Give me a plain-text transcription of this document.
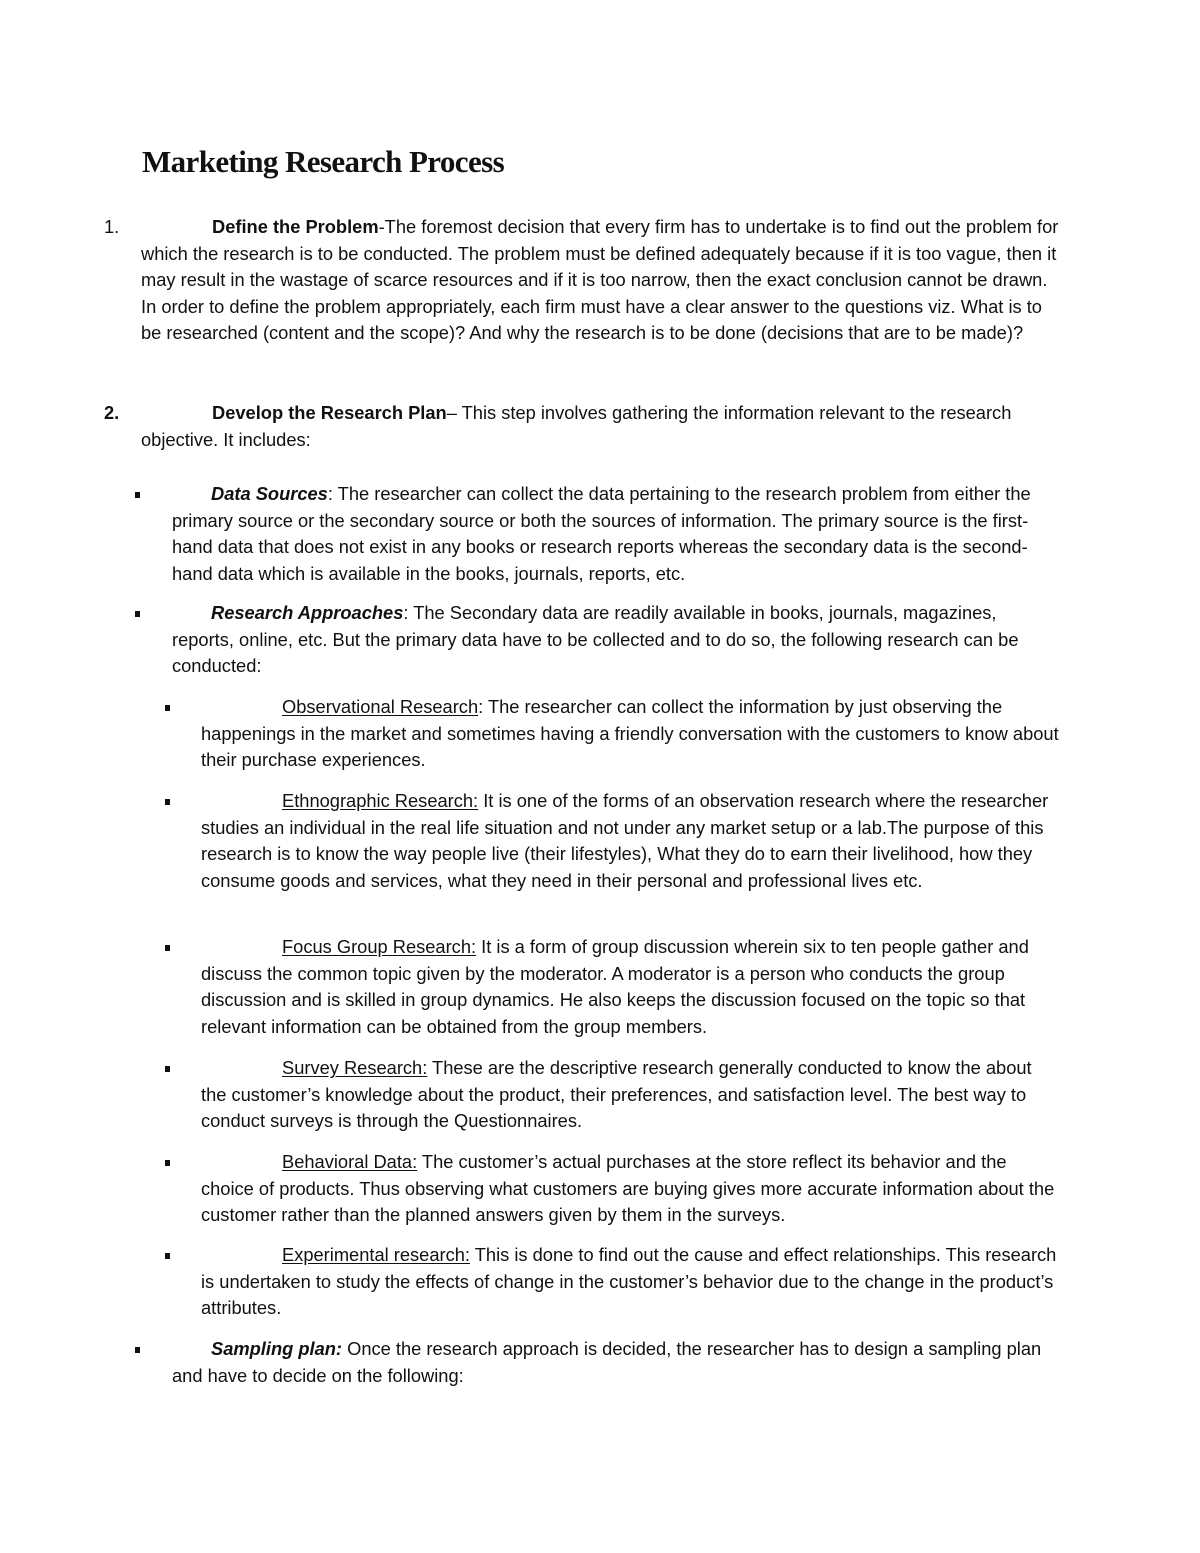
Marketing Research Process
1.	Define the Problem-The foremost decision that every firm has to undertake is to find out the problem for which the research is to be conducted. The problem must be defined adequately because if it is too vague, then it may result in the wastage of scarce resources and if it is too narrow, then the exact conclusion cannot be drawn. In order to define the problem appropriately, each firm must have a clear answer to the questions viz. What is to be researched (content and the scope)? And why the research is to be done (decisions that are to be made)?

2.	Develop the Research Plan– This step involves gathering the information relevant to the research objective. It includes:

Data Sources: The researcher can collect the data pertaining to the research problem from either the primary source or the secondary source or both the sources of information. The primary source is the first-hand data that does not exist in any books or research reports whereas the secondary data is the second-hand data which is available in the books, journals, reports, etc.

Research Approaches: The Secondary data are readily available in books, journals, magazines, reports, online, etc. But the primary data have to be collected and to do so, the following research can be conducted:

Observational Research: The researcher can collect the information by just observing the happenings in the market and sometimes having a friendly conversation with the customers to know about their purchase experiences.

Ethnographic Research: It is one of the forms of an observation research where the researcher studies an individual in the real life situation and not under any market setup or a lab.The purpose of this research is to know the way people live (their lifestyles), What they do to earn their livelihood, how they consume goods and services, what they need in their personal and professional lives etc.

Focus Group Research: It is a form of group discussion wherein six to ten people gather and discuss the common topic given by the moderator. A moderator is a person who conducts the group discussion and is skilled in group dynamics. He also keeps the discussion focused on the topic so that relevant information can be obtained from the group members.

Survey Research: These are the descriptive research generally conducted to know the about the customer’s knowledge about the product, their preferences, and satisfaction level. The best way to conduct surveys is through the Questionnaires.

Behavioral Data: The customer’s actual purchases at the store reflect its behavior and the choice of products. Thus observing what customers are buying gives more accurate information about the customer rather than the planned answers given by them in the surveys.

Experimental research: This is done to find out the cause and effect relationships. This research is undertaken to study the effects of change in the customer’s behavior due to the change in the product’s attributes.

Sampling plan: Once the research approach is decided, the researcher has to design a sampling plan and have to decide on the following:
